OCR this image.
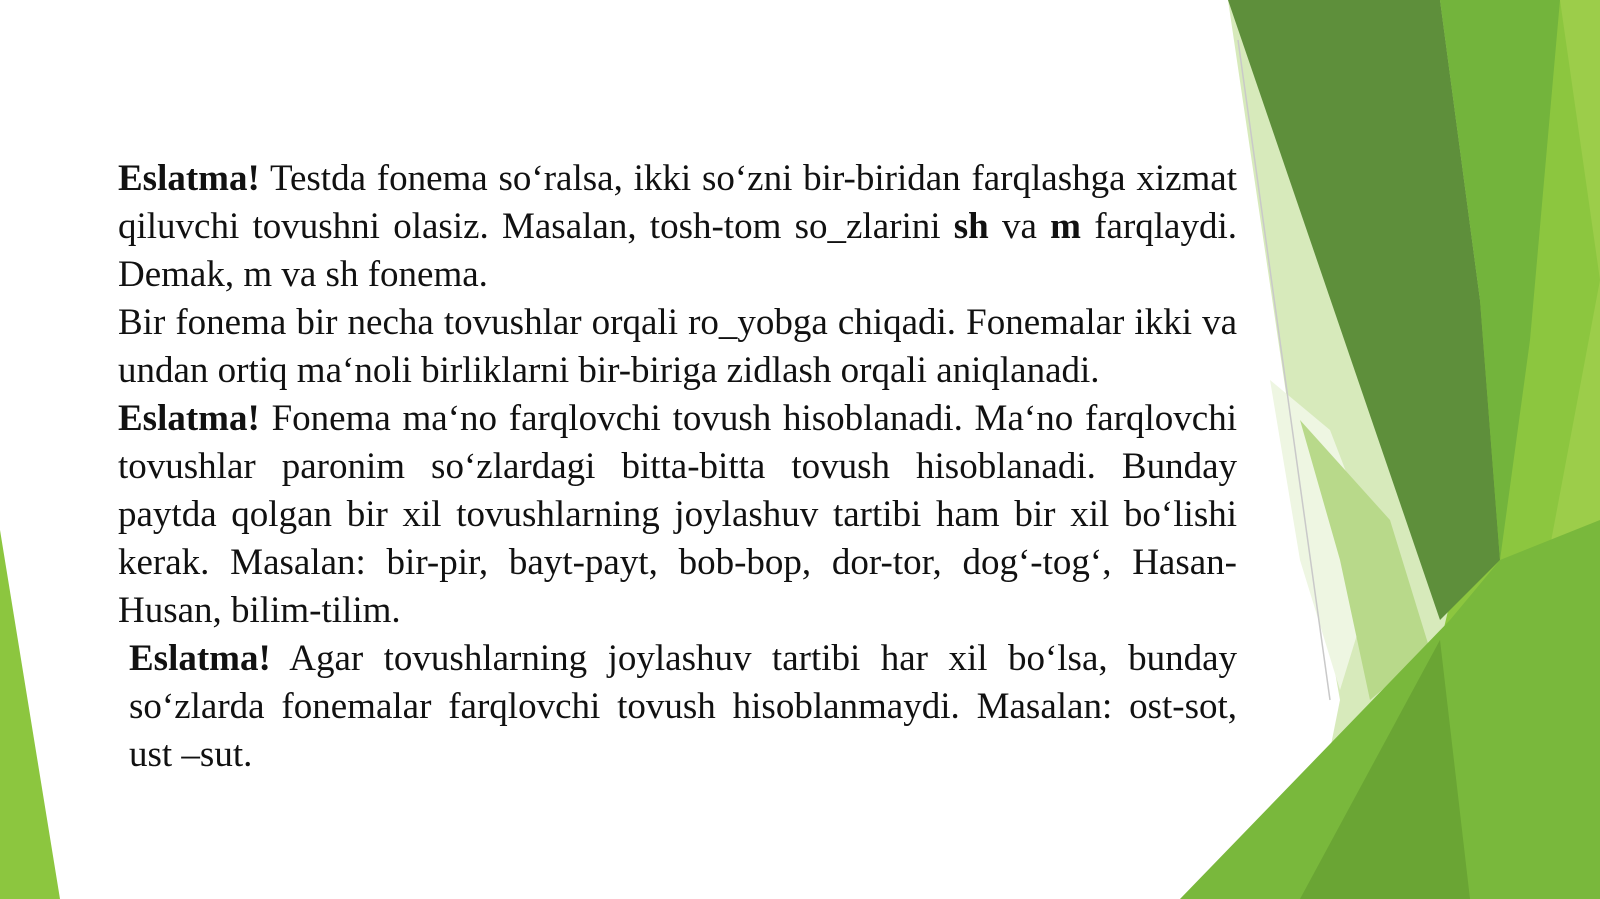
Eslatma! Testda fonema so‘ralsa, ikki so‘zni bir-biridan farqlashga xizmat qiluvchi tovushni olasiz. Masalan, tosh-tom so_zlarini sh va m farqlaydi. Demak, m va sh fonema.

Bir fonema bir necha tovushlar orqali ro_yobga chiqadi. Fonemalar ikki va undan ortiq ma‘noli birliklarni bir-biriga zidlash orqali aniqlanadi.

Eslatma! Fonema ma‘no farqlovchi tovush hisoblanadi. Ma‘no farqlovchi tovushlar paronim so‘zlardagi bitta-bitta tovush hisoblanadi. Bunday paytda qolgan bir xil tovushlarning joylashuv tartibi ham bir xil bo‘lishi kerak. Masalan: bir-pir, bayt-payt, bob-bop, dor-tor, dog‘-tog‘, Hasan-Husan, bilim-tilim.

Eslatma! Agar tovushlarning joylashuv tartibi har xil bo‘lsa, bunday so‘zlarda fonemalar farqlovchi tovush hisoblanmaydi. Masalan: ost-sot, ust –sut.
